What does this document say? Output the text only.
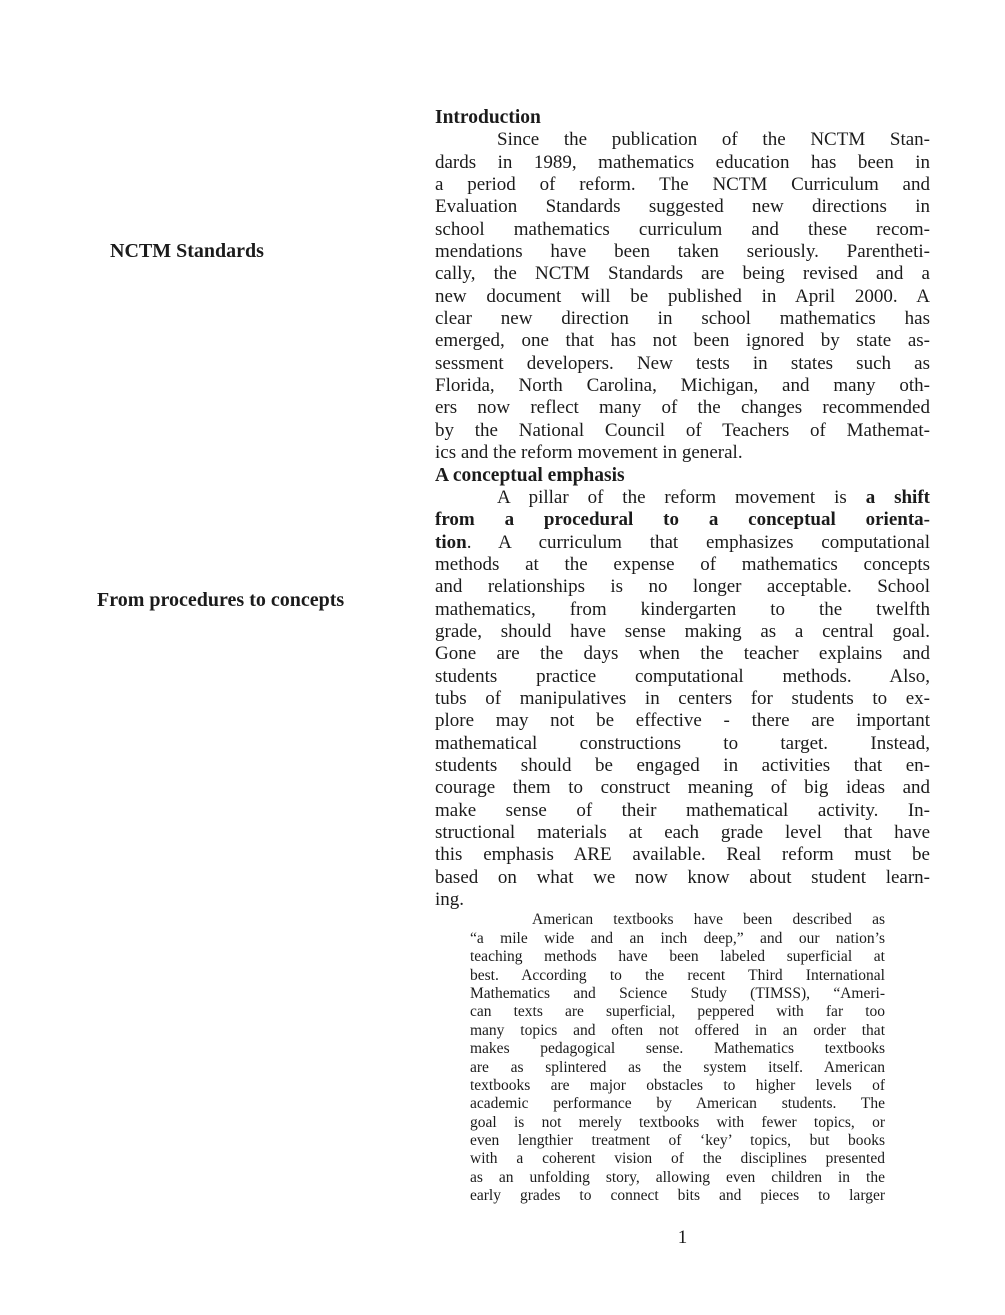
NCTM Standards
From procedures to concepts
Introduction
Since the publication of the NCTM Stan-
dards in 1989, mathematics education has been in
a period of reform. The NCTM Curriculum and
Evaluation Standards suggested new directions in
school mathematics curriculum and these recom-
mendations have been taken seriously. Parentheti-
cally, the NCTM Standards are being revised and a
new document will be published in April 2000. A
clear new direction in school mathematics has
emerged, one that has not been ignored by state as-
sessment developers. New tests in states such as
Florida, North Carolina, Michigan, and many oth-
ers now reflect many of the changes recommended
by the National Council of Teachers of Mathemat-
ics and the reform movement in general.
A conceptual emphasis
A pillar of the reform movement is a shift
from a procedural to a conceptual orienta-
tion. A curriculum that emphasizes computational
methods at the expense of mathematics concepts
and relationships is no longer acceptable. School
mathematics, from kindergarten to the twelfth
grade, should have sense making as a central goal.
Gone are the days when the teacher explains and
students practice computational methods. Also,
tubs of manipulatives in centers for students to ex-
plore may not be effective - there are important
mathematical constructions to target. Instead,
students should be engaged in activities that en-
courage them to construct meaning of big ideas and
make sense of their mathematical activity. In-
structional materials at each grade level that have
this emphasis ARE available. Real reform must be
based on what we now know about student learn-
ing.
American textbooks have been described as
“a mile wide and an inch deep,” and our nation’s
teaching methods have been labeled superficial at
best. According to the recent Third International
Mathematics and Science Study (TIMSS), “Ameri-
can texts are superficial, peppered with far too
many topics and often not offered in an order that
makes pedagogical sense. Mathematics textbooks
are as splintered as the system itself. American
textbooks are major obstacles to higher levels of
academic performance by American students. The
goal is not merely textbooks with fewer topics, or
even lengthier treatment of ‘key’ topics, but books
with a coherent vision of the disciplines presented
as an unfolding story, allowing even children in the
early grades to connect bits and pieces to larger
1
